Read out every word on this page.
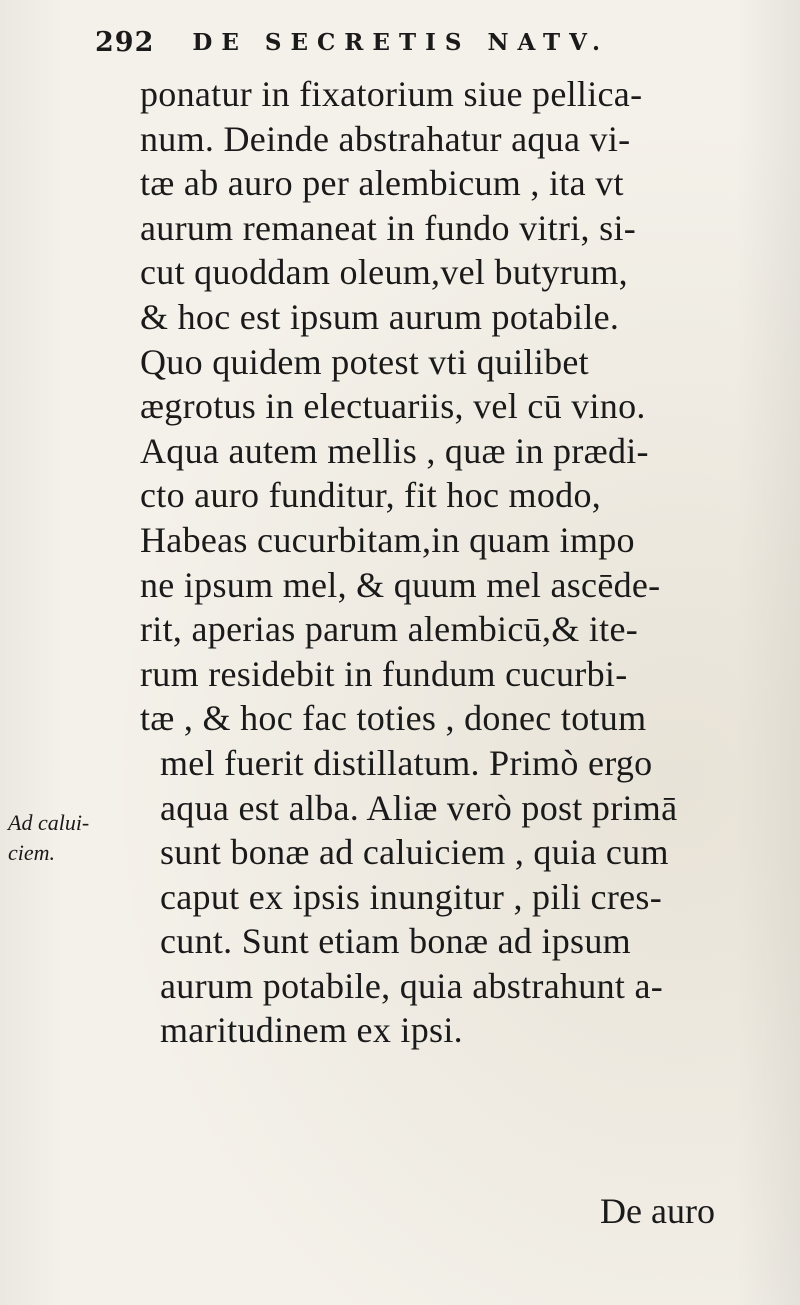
292 DE SECRETIS NATV.
ponatur in fixatorium siue pellica-
num. Deinde abstrahatur aqua vi-
tæ ab auro per alembicum , ita vt
aurum remaneat in fundo vitri, si-
cut quoddam oleum,vel butyrum,
& hoc est ipsum aurum potabile.
Quo quidem potest vti quilibet
ægrotus in electuariis, vel cū vino.
Aqua autem mellis , quæ in prædi-
cto auro funditur, fit hoc modo,
Habeas cucurbitam,in quam impo
ne ipsum mel, & quum mel ascēde-
rit, aperias parum alembicū,& ite-
rum residebit in fundum cucurbi-
tæ , & hoc fac toties , donec totum
mel fuerit distillatum. Primò ergo
aqua est alba. Aliæ verò post primā
sunt bonæ ad caluiciem , quia cum
caput ex ipsis inungitur , pili cres-
cunt. Sunt etiam bonæ ad ipsum
aurum potabile, quia abstrahunt a-
maritudinem ex ipsi.
De auro
Ad calui-
ciem.
